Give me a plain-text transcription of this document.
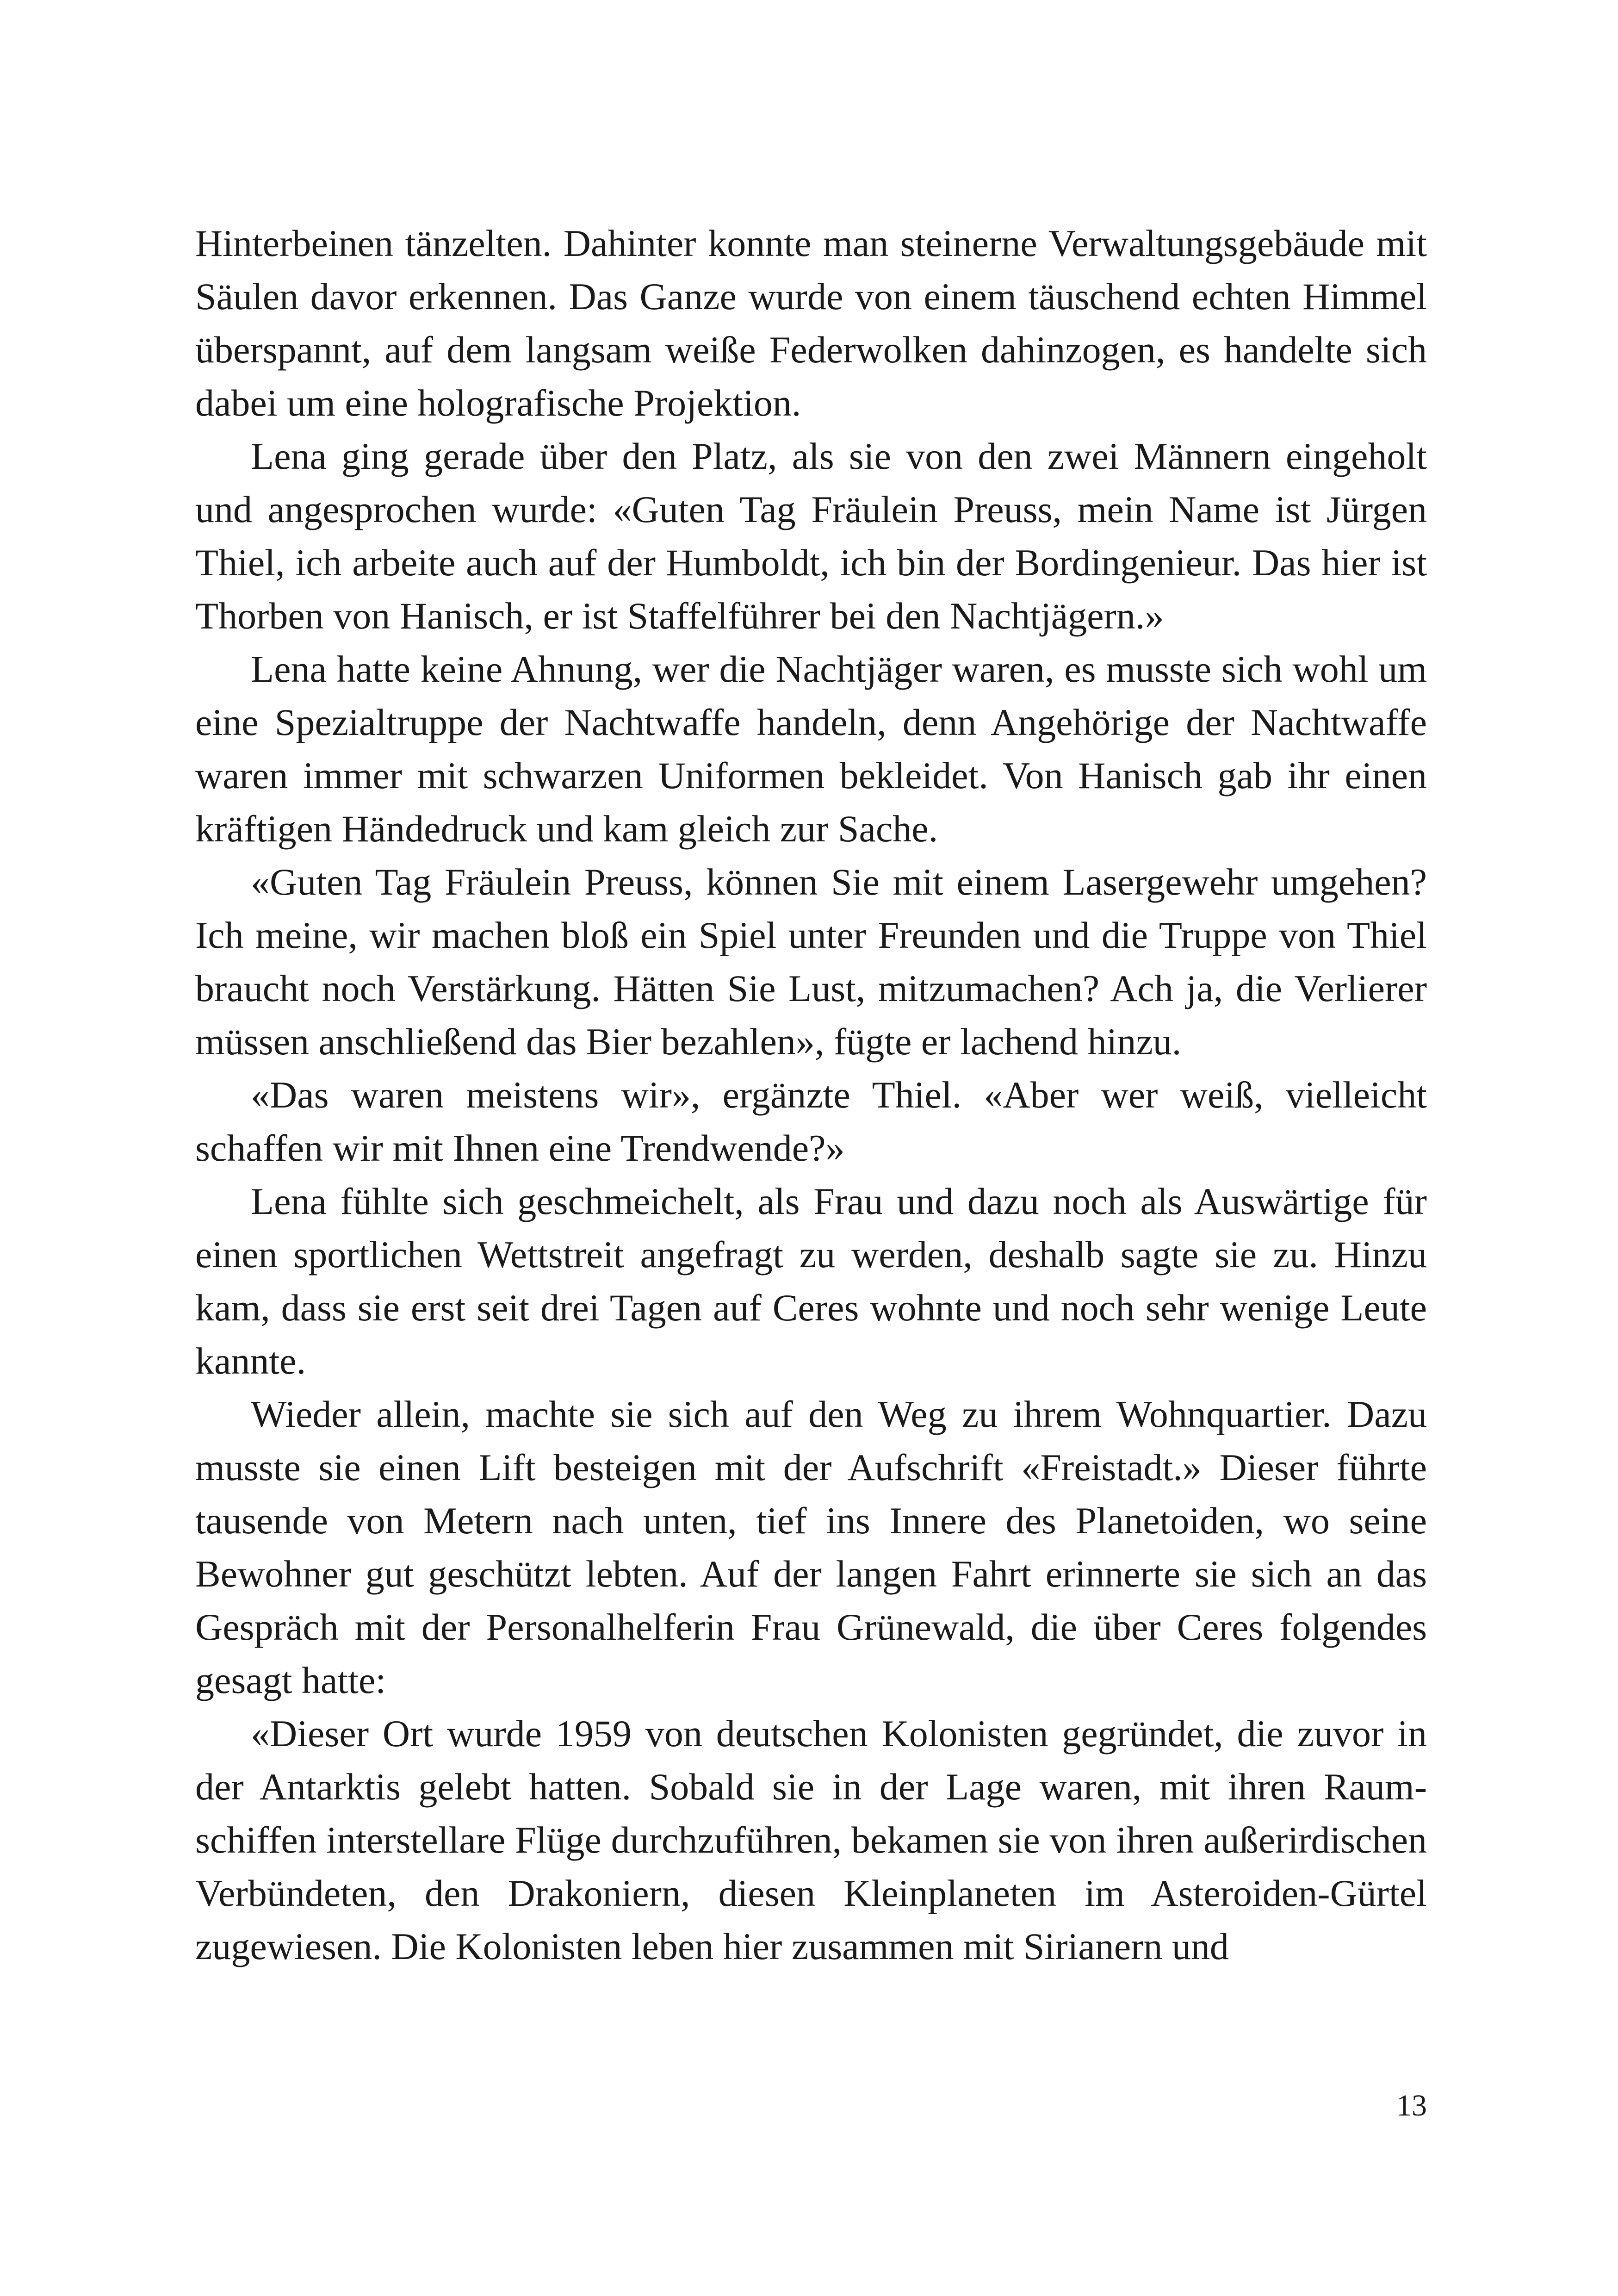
Hinterbeinen tänzelten. Dahinter konnte man steinerne Verwaltungsgebäude mit Säulen davor erkennen. Das Ganze wurde von einem täuschend echten Himmel überspannt, auf dem langsam weiße Federwolken dahinzogen, es handelte sich dabei um eine holografische Projektion.

Lena ging gerade über den Platz, als sie von den zwei Männern eingeholt und angesprochen wurde: «Guten Tag Fräulein Preuss, mein Name ist Jürgen Thiel, ich arbeite auch auf der Humboldt, ich bin der Bordingenieur. Das hier ist Thorben von Hanisch, er ist Staffelführer bei den Nachtjägern.»

Lena hatte keine Ahnung, wer die Nachtjäger waren, es musste sich wohl um eine Spezialtruppe der Nachtwaffe handeln, denn Angehörige der Nachtwaffe waren immer mit schwarzen Uniformen bekleidet. Von Hanisch gab ihr einen kräftigen Händedruck und kam gleich zur Sache.

«Guten Tag Fräulein Preuss, können Sie mit einem Lasergewehr umgehen? Ich meine, wir machen bloß ein Spiel unter Freunden und die Truppe von Thiel braucht noch Verstärkung. Hätten Sie Lust, mitzumachen? Ach ja, die Verlierer müssen anschließend das Bier bezahlen», fügte er lachend hinzu.

«Das waren meistens wir», ergänzte Thiel. «Aber wer weiß, vielleicht schaffen wir mit Ihnen eine Trendwende?»

Lena fühlte sich geschmeichelt, als Frau und dazu noch als Auswärtige für einen sportlichen Wettstreit angefragt zu werden, deshalb sagte sie zu. Hinzu kam, dass sie erst seit drei Tagen auf Ceres wohnte und noch sehr wenige Leute kannte.

Wieder allein, machte sie sich auf den Weg zu ihrem Wohnquartier. Dazu musste sie einen Lift besteigen mit der Aufschrift «Freistadt.» Dieser führte tausende von Metern nach unten, tief ins Innere des Planetoiden, wo seine Bewohner gut geschützt lebten. Auf der langen Fahrt erinnerte sie sich an das Gespräch mit der Personalhelferin Frau Grünewald, die über Ceres folgendes gesagt hatte:

«Dieser Ort wurde 1959 von deutschen Kolonisten gegründet, die zuvor in der Antarktis gelebt hatten. Sobald sie in der Lage waren, mit ihren Raumschiffen interstellare Flüge durchzuführen, bekamen sie von ihren außerirdischen Verbündeten, den Drakoniern, diesen Kleinplaneten im Asteroiden-Gürtel zugewiesen. Die Kolonisten leben hier zusammen mit Sirianern und

13
